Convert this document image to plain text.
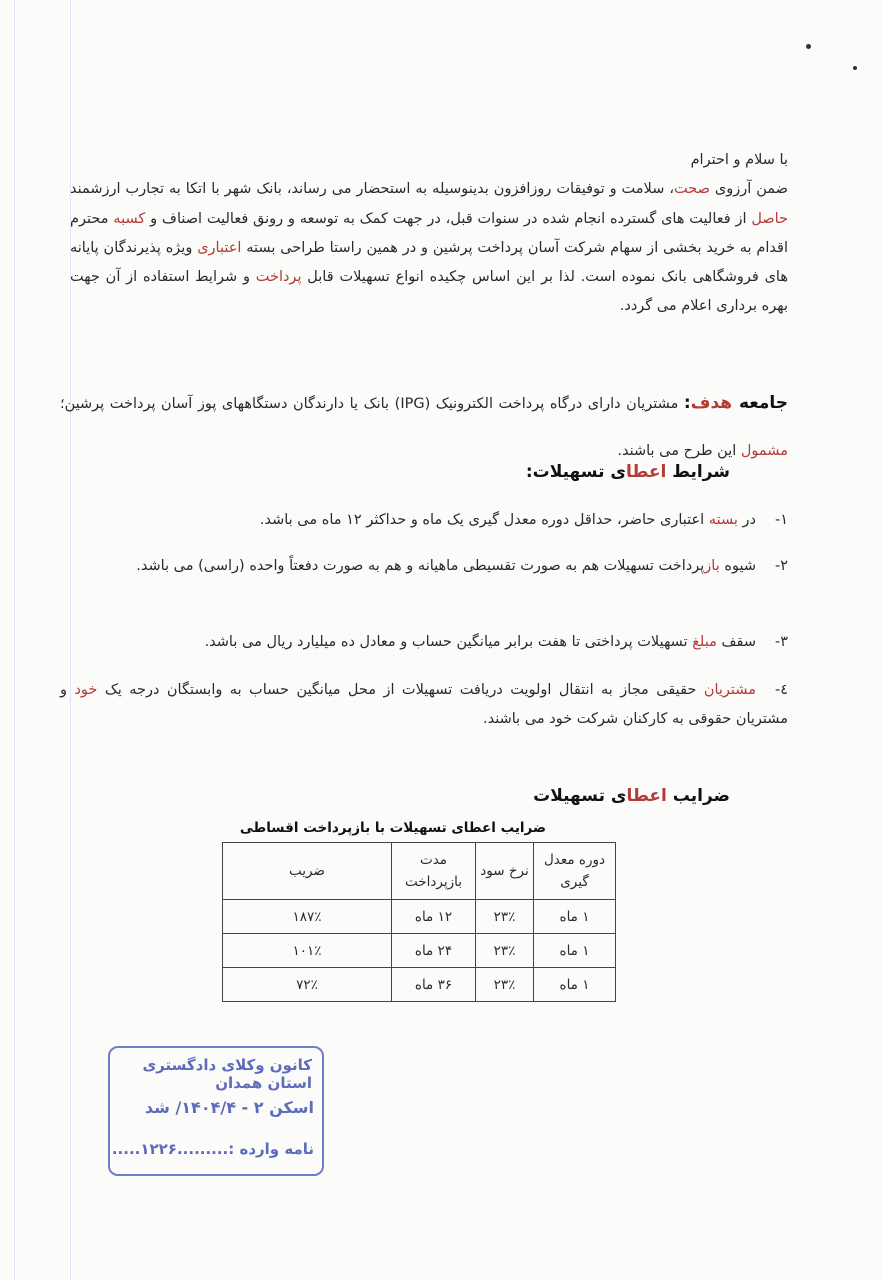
با سلام و احترام

ضمن آرزوی صحت، سلامت و توفیقات روزافزون بدینوسیله به استحضار می رساند، بانک شهر با اتکا به تجارب ارزشمند حاصل از فعالیت های گسترده انجام شده در سنوات قبل، در جهت کمک به توسعه و رونق فعالیت اصناف و کسبه محترم اقدام به خرید بخشی از سهام شرکت آسان پرداخت پرشین و در همین راستا طراحی بسته اعتباری ویژه پذیرندگان پایانه های فروشگاهی بانک نموده است. لذا بر این اساس چکیده انواع تسهیلات قابل پرداخت و شرایط استفاده از آن جهت بهره برداری اعلام می گردد.

جامعه هدف: مشتریان دارای درگاه پرداخت الکترونیک (IPG) بانک یا دارندگان دستگاههای پوز آسان پرداخت پرشین؛ مشمول این طرح می باشند.
شرایط اعطای تسهیلات:
۱-در بسته اعتباری حاضر، حداقل دوره معدل گیری یک ماه و حداکثر ۱۲ ماه می باشد.
۲-شیوه بازپرداخت تسهیلات هم به صورت تقسیطی ماهیانه و هم به صورت دفعتاً واحده (راسی) می باشد.
۳-سقف مبلغ تسهیلات پرداختی تا هفت برابر میانگین حساب و معادل ده میلیارد ریال می باشد.
٤-مشتریان حقیقی مجاز به انتقال اولویت دریافت تسهیلات از محل میانگین حساب به وابستگان درجه یک خود و مشتریان حقوقی به کارکنان شرکت خود می باشند.
ضرایب اعطای تسهیلات
ضرایب اعطای تسهیلات با بازپرداخت اقساطی
دوره معدل گیری	نرخ سود	مدت بازپرداخت	ضریب
۱ ماه	۲۳٪	۱۲ ماه	۱۸۷٪
۱ ماه	۲۳٪	۲۴ ماه	۱۰۱٪
۱ ماه	۲۳٪	۳۶ ماه	۷۲٪
کانون وکلای دادگستری استان همدان
اسکن ۲ - ۱۴۰۴/۴/ شد
نامه وارده :.........۱۲۲۶.....
